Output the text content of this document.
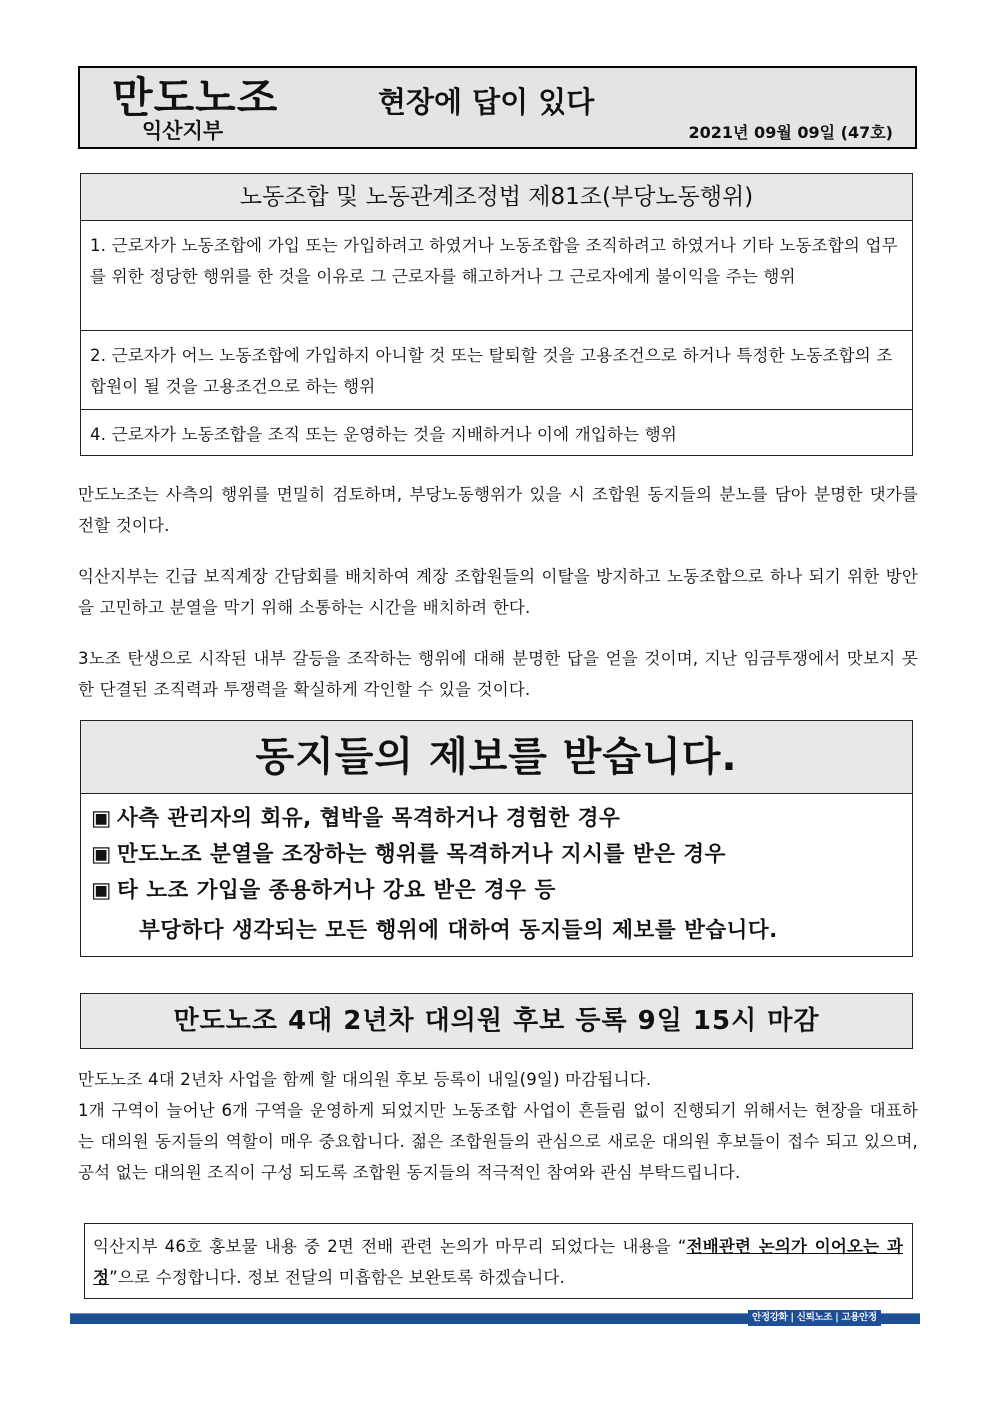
만도노조
익산지부
현장에 답이 있다
2021년 09월 09일 (47호)
노동조합 및 노동관계조정법 제81조(부당노동행위)
1. 근로자가 노동조합에 가입 또는 가입하려고 하였거나 노동조합을 조직하려고 하였거나 기타 노동조합의 업무를 위한 정당한 행위를 한 것을 이유로 그 근로자를 해고하거나 그 근로자에게 불이익을 주는 행위
2. 근로자가 어느 노동조합에 가입하지 아니할 것 또는 탈퇴할 것을 고용조건으로 하거나 특정한 노동조합의 조합원이 될 것을 고용조건으로 하는 행위
4. 근로자가 노동조합을 조직 또는 운영하는 것을 지배하거나 이에 개입하는 행위
만도노조는 사측의 행위를 면밀히 검토하며, 부당노동행위가 있을 시 조합원 동지들의 분노를 담아 분명한 댓가를 전할 것이다.
익산지부는 긴급 보직계장 간담회를 배치하여 계장 조합원들의 이탈을 방지하고 노동조합으로 하나 되기 위한 방안을 고민하고 분열을 막기 위해 소통하는 시간을 배치하려 한다.
3노조 탄생으로 시작된 내부 갈등을 조작하는 행위에 대해 분명한 답을 얻을 것이며, 지난 임금투쟁에서 맛보지 못한 단결된 조직력과 투쟁력을 확실하게 각인할 수 있을 것이다.
동지들의 제보를 받습니다.
▣ 사측 관리자의 회유, 협박을 목격하거나 경험한 경우
▣ 만도노조 분열을 조장하는 행위를 목격하거나 지시를 받은 경우
▣ 타 노조 가입을 종용하거나 강요 받은 경우 등
부당하다 생각되는 모든 행위에 대하여 동지들의 제보를 받습니다.
만도노조 4대 2년차 대의원 후보 등록 9일 15시 마감
만도노조 4대 2년차 사업을 함께 할 대의원 후보 등록이 내일(9일) 마감됩니다.
1개 구역이 늘어난 6개 구역을 운영하게 되었지만 노동조합 사업이 흔들림 없이 진행되기 위해서는 현장을 대표하는 대의원 동지들의 역할이 매우 중요합니다. 젊은 조합원들의 관심으로 새로운 대의원 후보들이 접수 되고 있으며, 공석 없는 대의원 조직이 구성 되도록 조합원 동지들의 적극적인 참여와 관심 부탁드립니다.
익산지부 46호 홍보물 내용 중 2면 전배 관련 논의가 마무리 되었다는 내용을 “전배관련 논의가 이어오는 과정”으로 수정합니다. 정보 전달의 미흡함은 보완토록 하겠습니다.
안정강화 | 신뢰노조 | 고용안정
